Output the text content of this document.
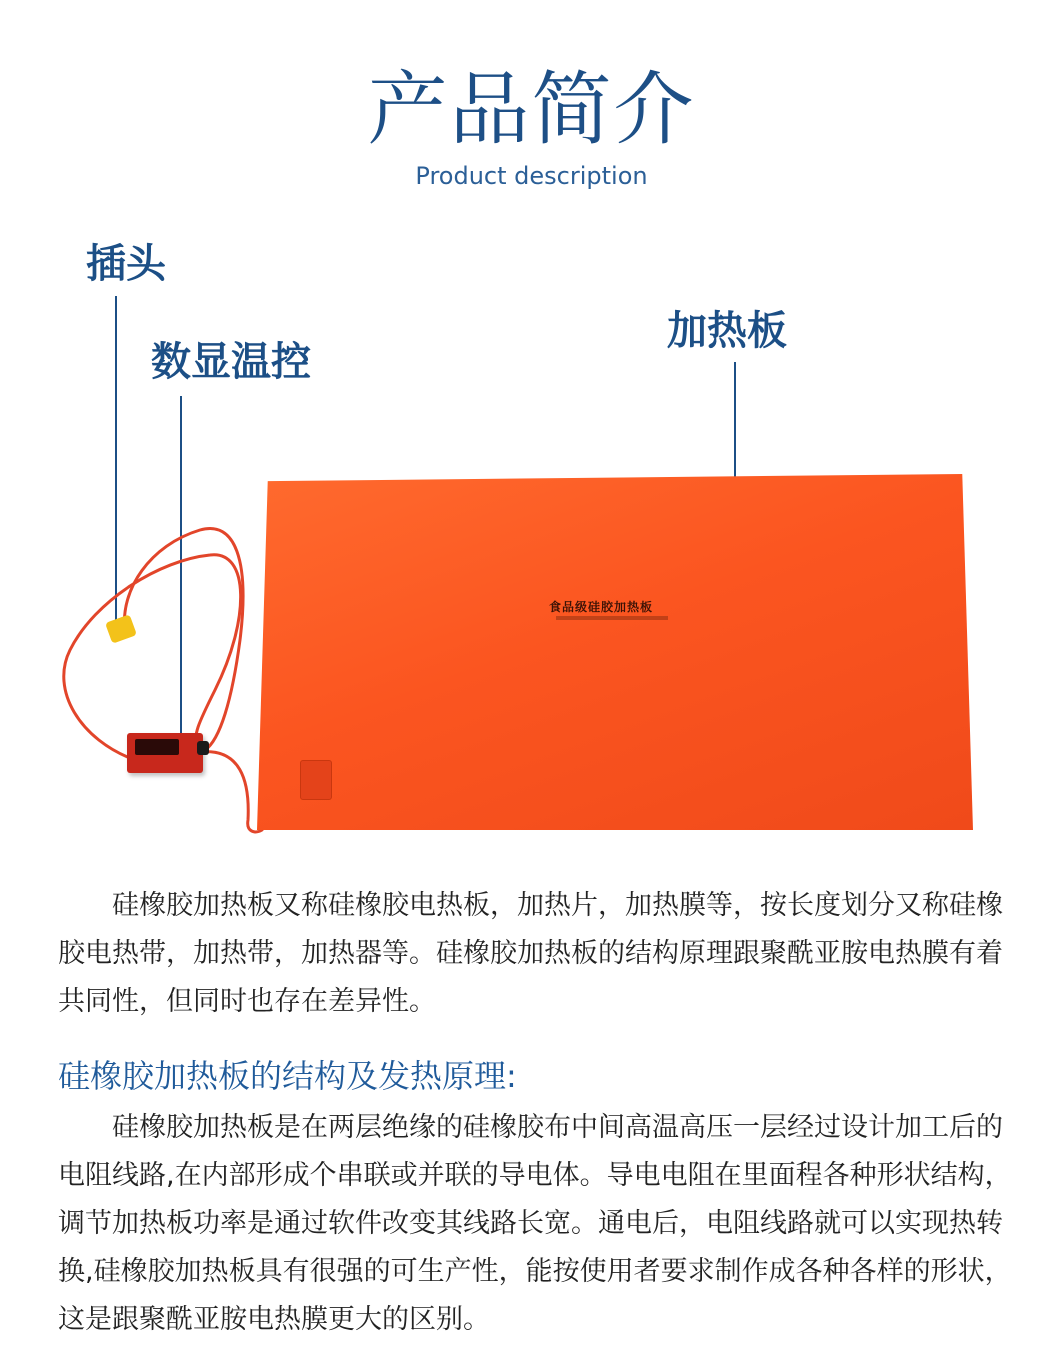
产品简介
Product description
插头
数显温控
加热板
食品级硅胶加热板

硅橡胶加热板又称硅橡胶电热板，加热片，加热膜等，按长度划分又称硅橡胶电热带，加热带，加热器等。硅橡胶加热板的结构原理跟聚酰亚胺电热膜有着共同性，但同时也存在差异性。

硅橡胶加热板的结构及发热原理:

硅橡胶加热板是在两层绝缘的硅橡胶布中间高温高压一层经过设计加工后的电阻线路,在内部形成个串联或并联的导电体。导电电阻在里面程各种形状结构，调节加热板功率是通过软件改变其线路长宽。通电后，电阻线路就可以实现热转换,硅橡胶加热板具有很强的可生产性，能按使用者要求制作成各种各样的形状，这是跟聚酰亚胺电热膜更大的区别。
